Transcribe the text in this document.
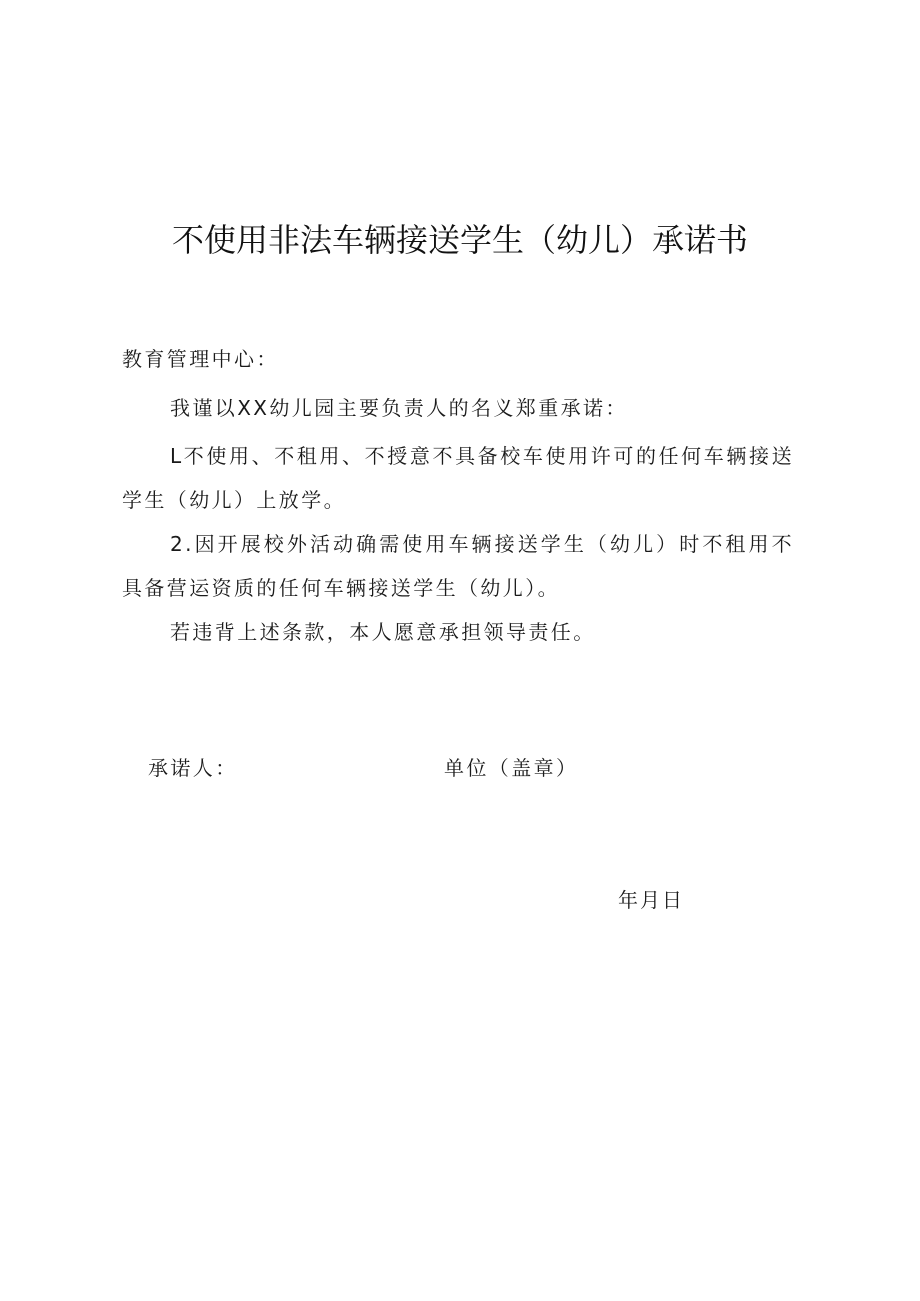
不使用非法车辆接送学生（幼儿）承诺书

教育管理中心：

我谨以XX幼儿园主要负责人的名义郑重承诺：

L不使用、不租用、不授意不具备校车使用许可的任何车辆接送学生（幼儿）上放学。

2.因开展校外活动确需使用车辆接送学生（幼儿）时不租用不具备营运资质的任何车辆接送学生（幼儿）。

若违背上述条款，本人愿意承担领导责任。

承诺人：	单位（盖章）
年月日
